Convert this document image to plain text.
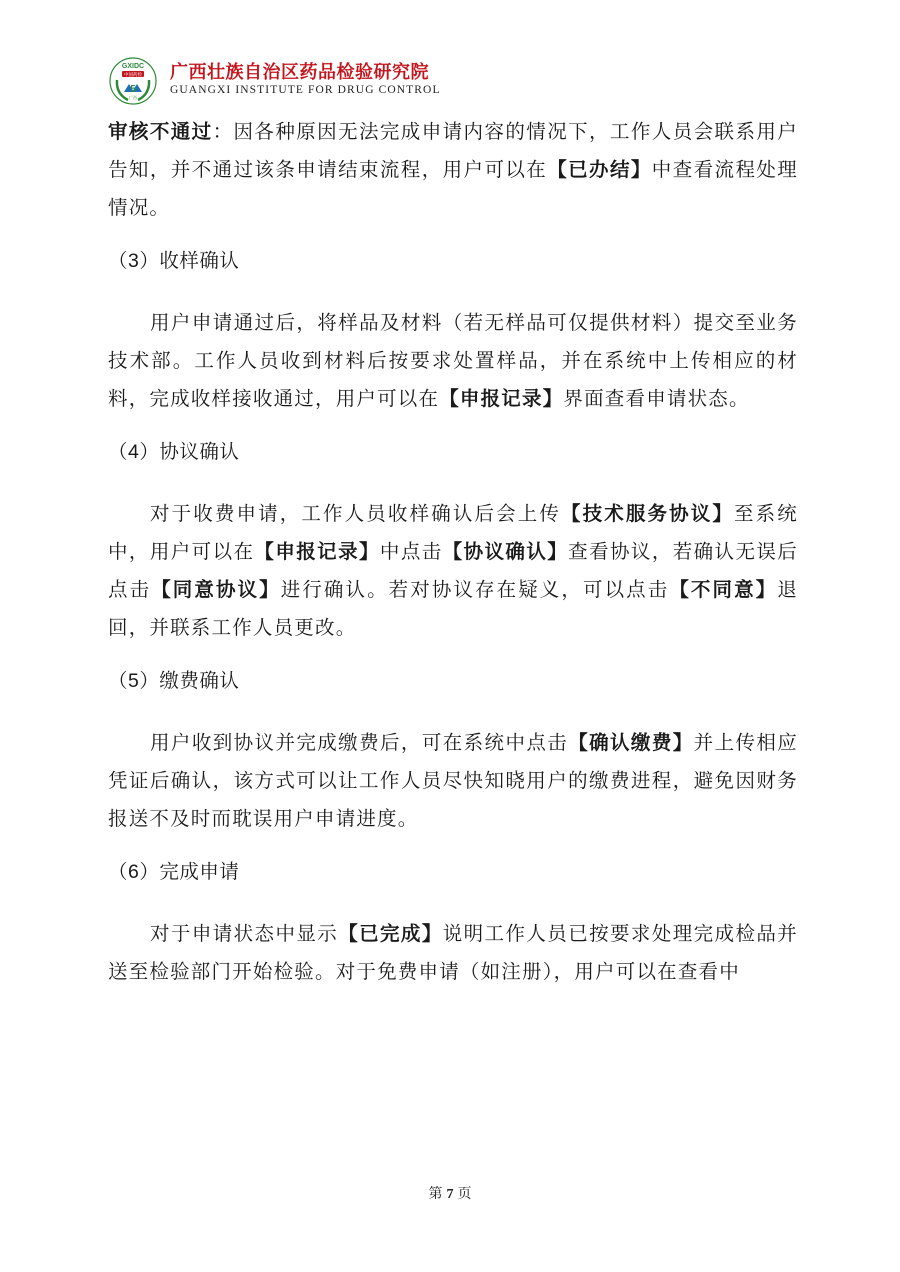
GXIDC
中国药检
5
广西
广西壮族自治区药品检验研究院
GUANGXI INSTITUTE FOR DRUG CONTROL

审核不通过：因各种原因无法完成申请内容的情况下，工作人员会联系用户告知，并不通过该条申请结束流程，用户可以在【已办结】中查看流程处理情况。

（3）收样确认

用户申请通过后，将样品及材料（若无样品可仅提供材料）提交至业务技术部。工作人员收到材料后按要求处置样品，并在系统中上传相应的材料，完成收样接收通过，用户可以在【申报记录】界面查看申请状态。

（4）协议确认

对于收费申请，工作人员收样确认后会上传【技术服务协议】至系统中，用户可以在【申报记录】中点击【协议确认】查看协议，若确认无误后点击【同意协议】进行确认。若对协议存在疑义，可以点击【不同意】退回，并联系工作人员更改。

（5）缴费确认

用户收到协议并完成缴费后，可在系统中点击【确认缴费】并上传相应凭证后确认，该方式可以让工作人员尽快知晓用户的缴费进程，避免因财务报送不及时而耽误用户申请进度。

（6）完成申请

对于申请状态中显示【已完成】说明工作人员已按要求处理完成检品并送至检验部门开始检验。对于免费申请（如注册），用户可以在查看中

第 7 页
